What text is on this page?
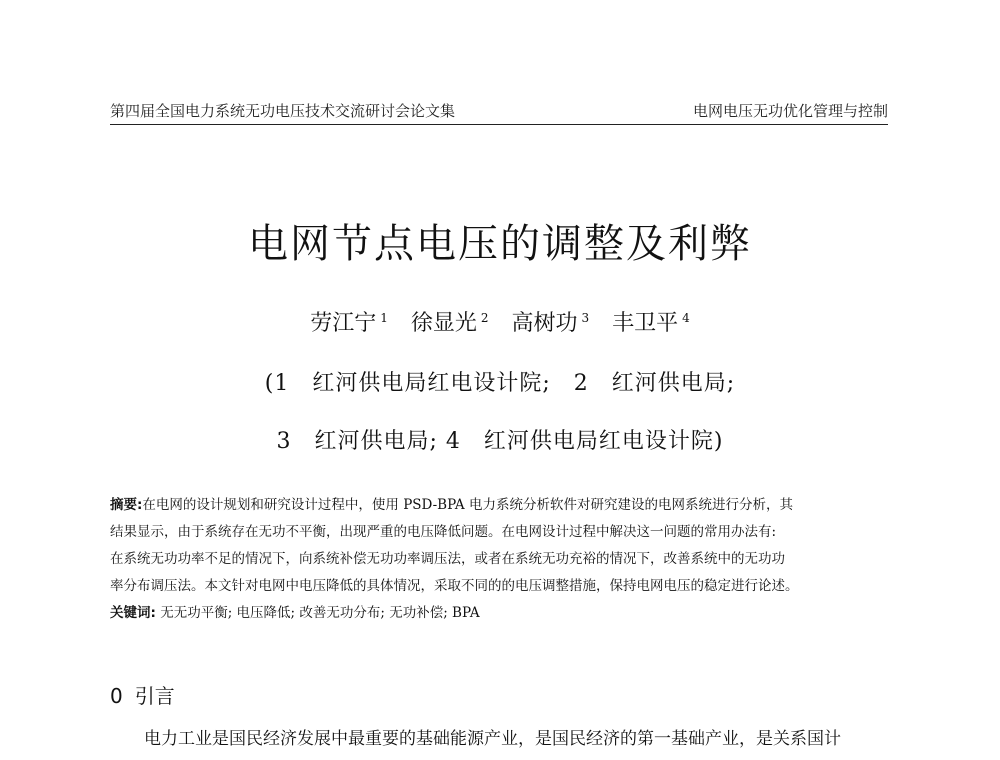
第四届全国电力系统无功电压技术交流研讨会论文集	电网电压无功优化管理与控制
电网节点电压的调整及利弊
劳江宁 $^1$ 徐显光 $^2$ 高树功 $^3$ 丰卫平 $^4$
(1　红河供电局红电设计院;　2　红河供电局;
3　红河供电局; 4　红河供电局红电设计院)
摘要:在电网的设计规划和研究设计过程中，使用 PSD-BPA 电力系统分析软件对研究建设的电网系统进行分析，其
结果显示，由于系统存在无功不平衡，出现严重的电压降低问题。在电网设计过程中解决这一问题的常用办法有:
在系统无功功率不足的情况下，向系统补偿无功功率调压法，或者在系统无功充裕的情况下，改善系统中的无功功
率分布调压法。本文针对电网中电压降低的具体情况，采取不同的的电压调整措施，保持电网电压的稳定进行论述。
关键词: 无无功平衡; 电压降低; 改善无功分布; 无功补偿; BPA
0 引言
电力工业是国民经济发展中最重要的基础能源产业，是国民经济的第一基础产业，是关系国计
